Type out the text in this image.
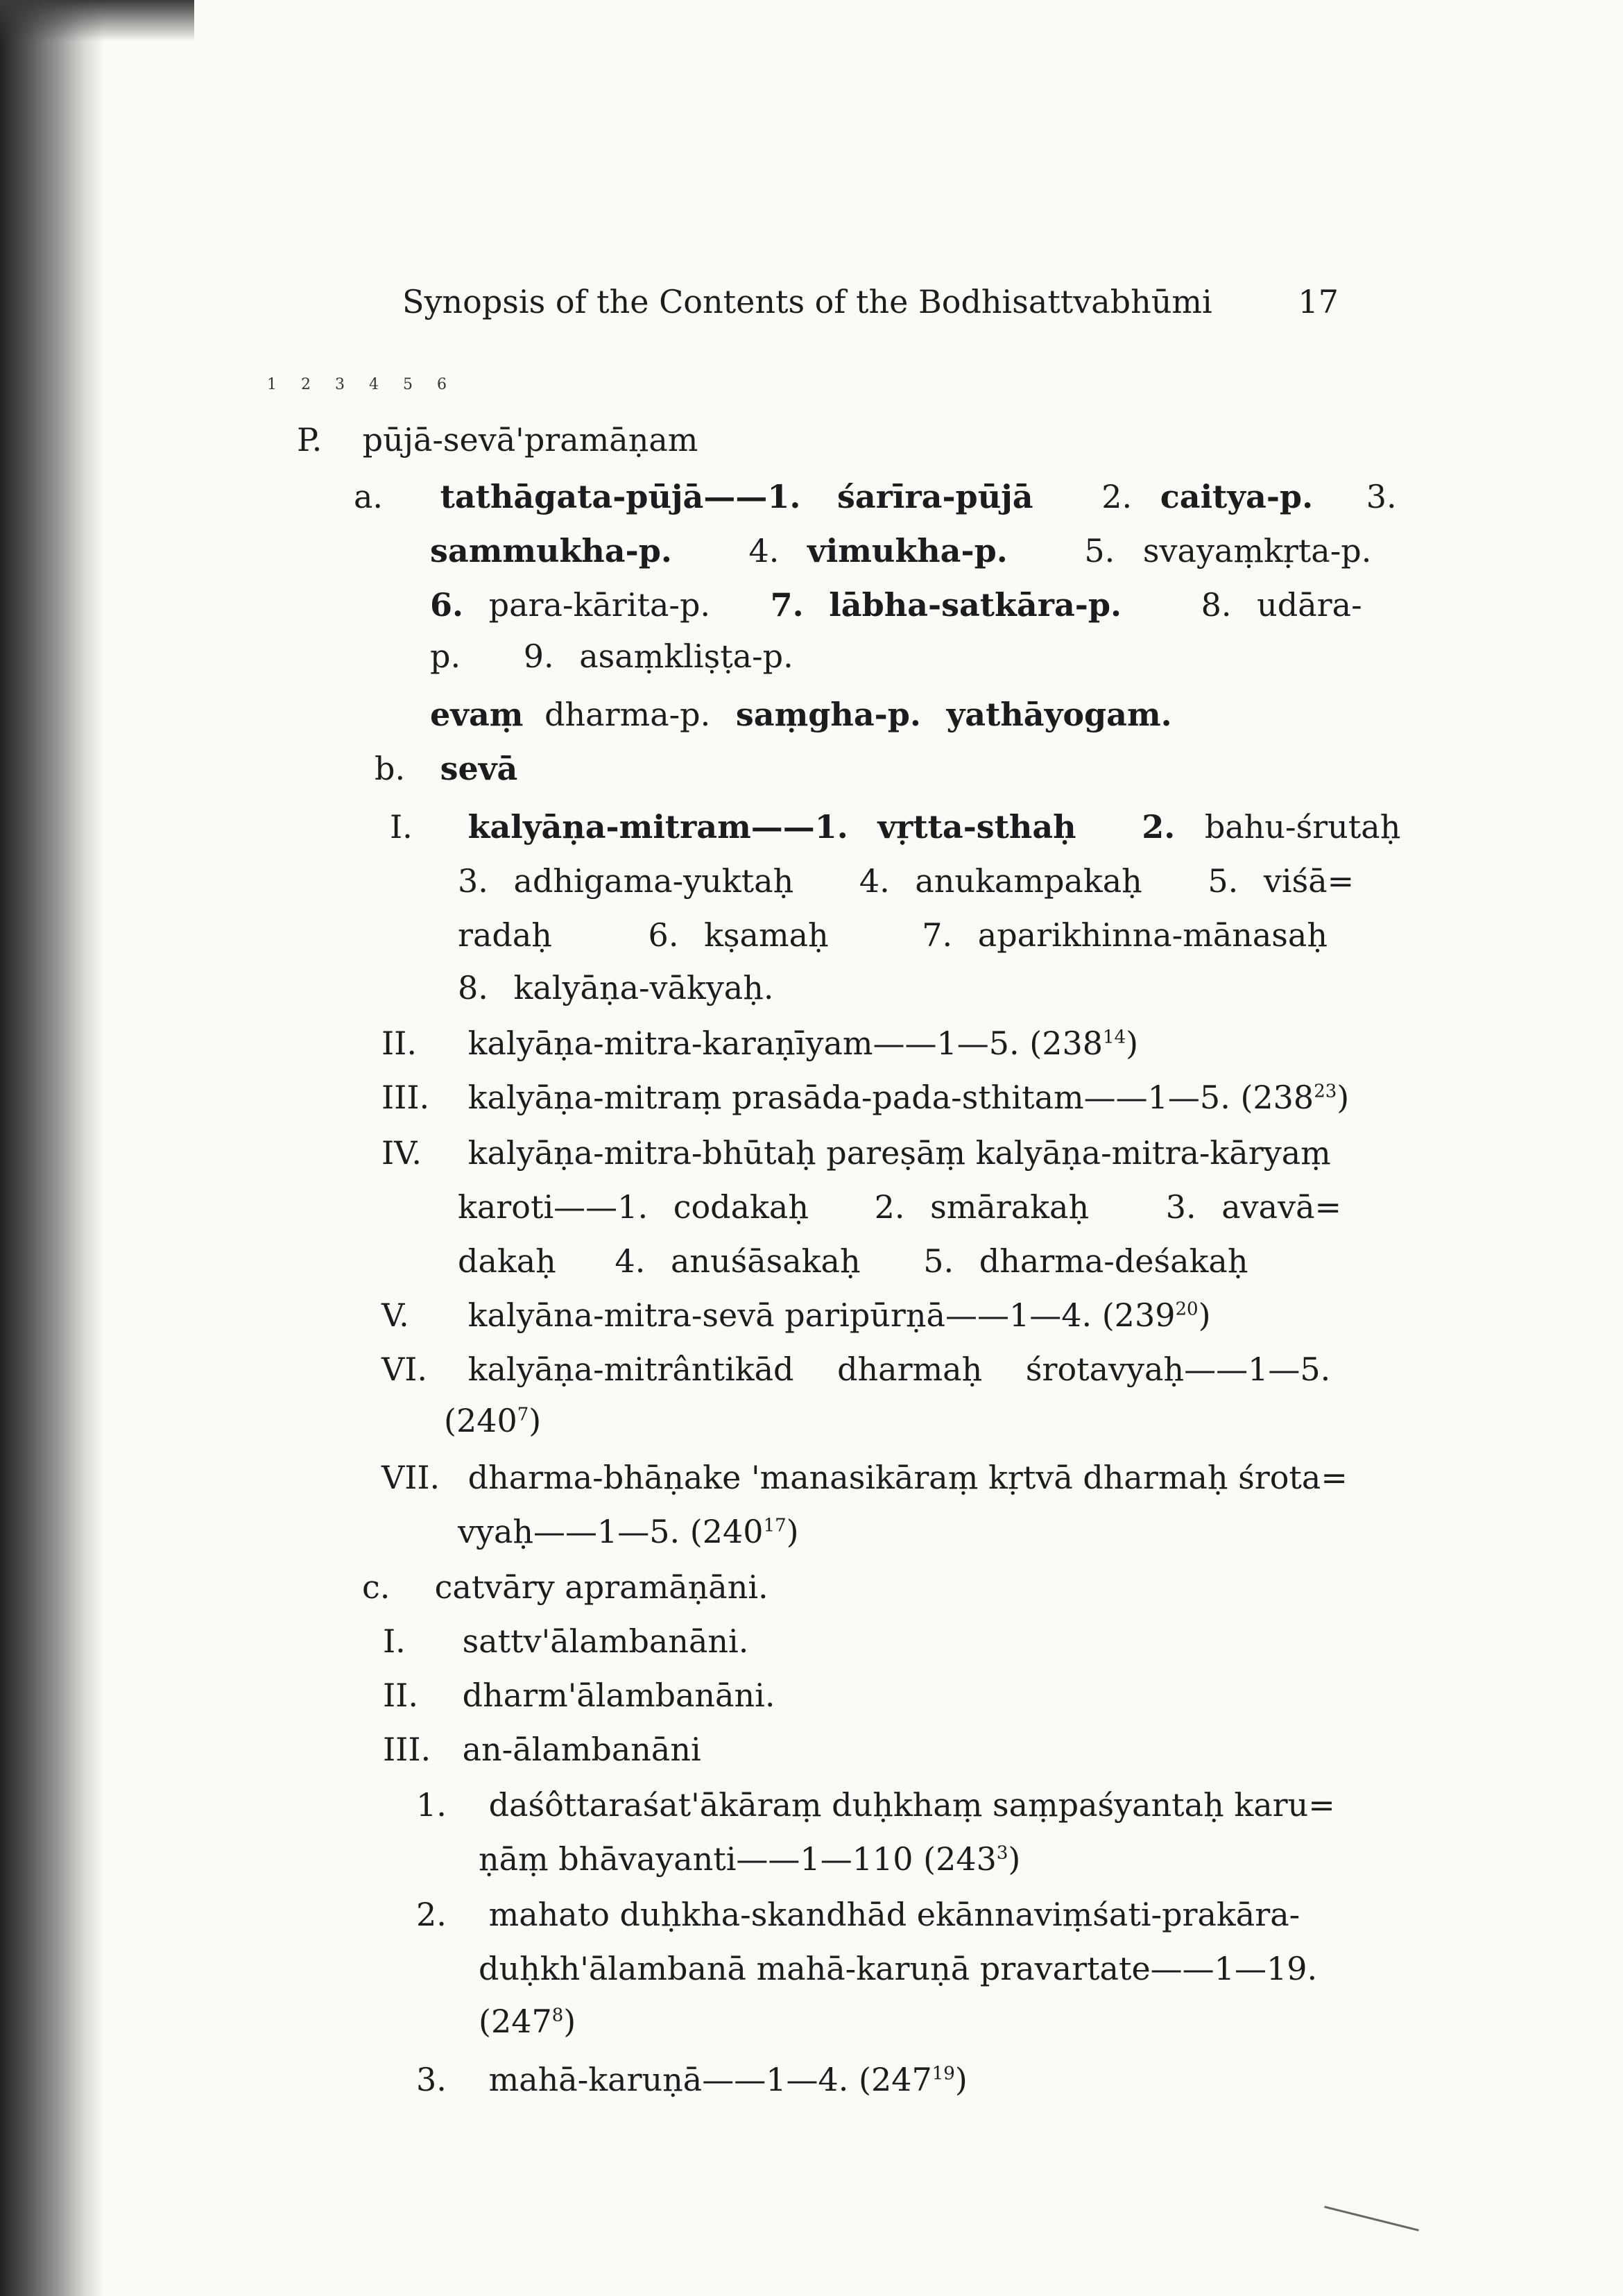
Synopsis of the Contents of the Bodhisattvabhūmi	17
1 2 3 4 5 6
P. pūjā-sevā'pramāṇam
a. tathāgata-pūjā——1. śarīra-pūjā 2. caitya-p. 3.
sammukha-p. 4. vimukha-p. 5. svayaṃkṛta-p.
6. para-kārita-p. 7. lābha-satkāra-p. 8. udāra-
p. 9. asaṃkliṣṭa-p.
evaṃ dharma-p. saṃgha-p. yathāyogam.
b. sevā
I. kalyāṇa-mitram——1. vṛtta-sthaḥ 2. bahu-śrutaḥ
3. adhigama-yuktaḥ 4. anukampakaḥ 5. viśā=
radaḥ	6. kṣamaḥ	7. aparikhinna-mānasaḥ
8. kalyāṇa-vākyaḥ.
II. kalyāṇa-mitra-karaṇīyam——1—5. $(238^{14})$
III. kalyāṇa-mitraṃ prasāda-pada-sthitam——1—5. $(238^{23})$
IV. kalyāṇa-mitra-bhūtaḥ pareṣāṃ kalyāṇa-mitra-kāryaṃ
karoti——1. codakaḥ 2. smārakaḥ 3. avavā=
dakaḥ 4. anuśāsakaḥ 5. dharma-deśakaḥ
V. kalyāna-mitra-sevā paripūrṇā——1—4. $(239^{20})$
VI. kalyāṇa-mitrântikād dharmaḥ śrotavyaḥ——1—5.
$(240^7)$
VII. dharma-bhāṇake 'manasikāraṃ kṛtvā dharmaḥ śrota=
vyaḥ——1—5. $(240^{17})$
c. catvāry apramāṇāni.
I. sattv'ālambanāni.
II. dharm'ālambanāni.
III. an-ālambanāni
1. daśôttaraśat'ākāraṃ duḥkhaṃ saṃpaśyantaḥ karu=
ṇāṃ bhāvayanti——1—110 $(243^3)$
2. mahato duḥkha-skandhād ekānnaviṃśati-prakāra-
duḥkh'ālambanā mahā-karuṇā pravartate——1—19.
$(247^8)$
3. mahā-karuṇā——1—4. $(247^{19})$
